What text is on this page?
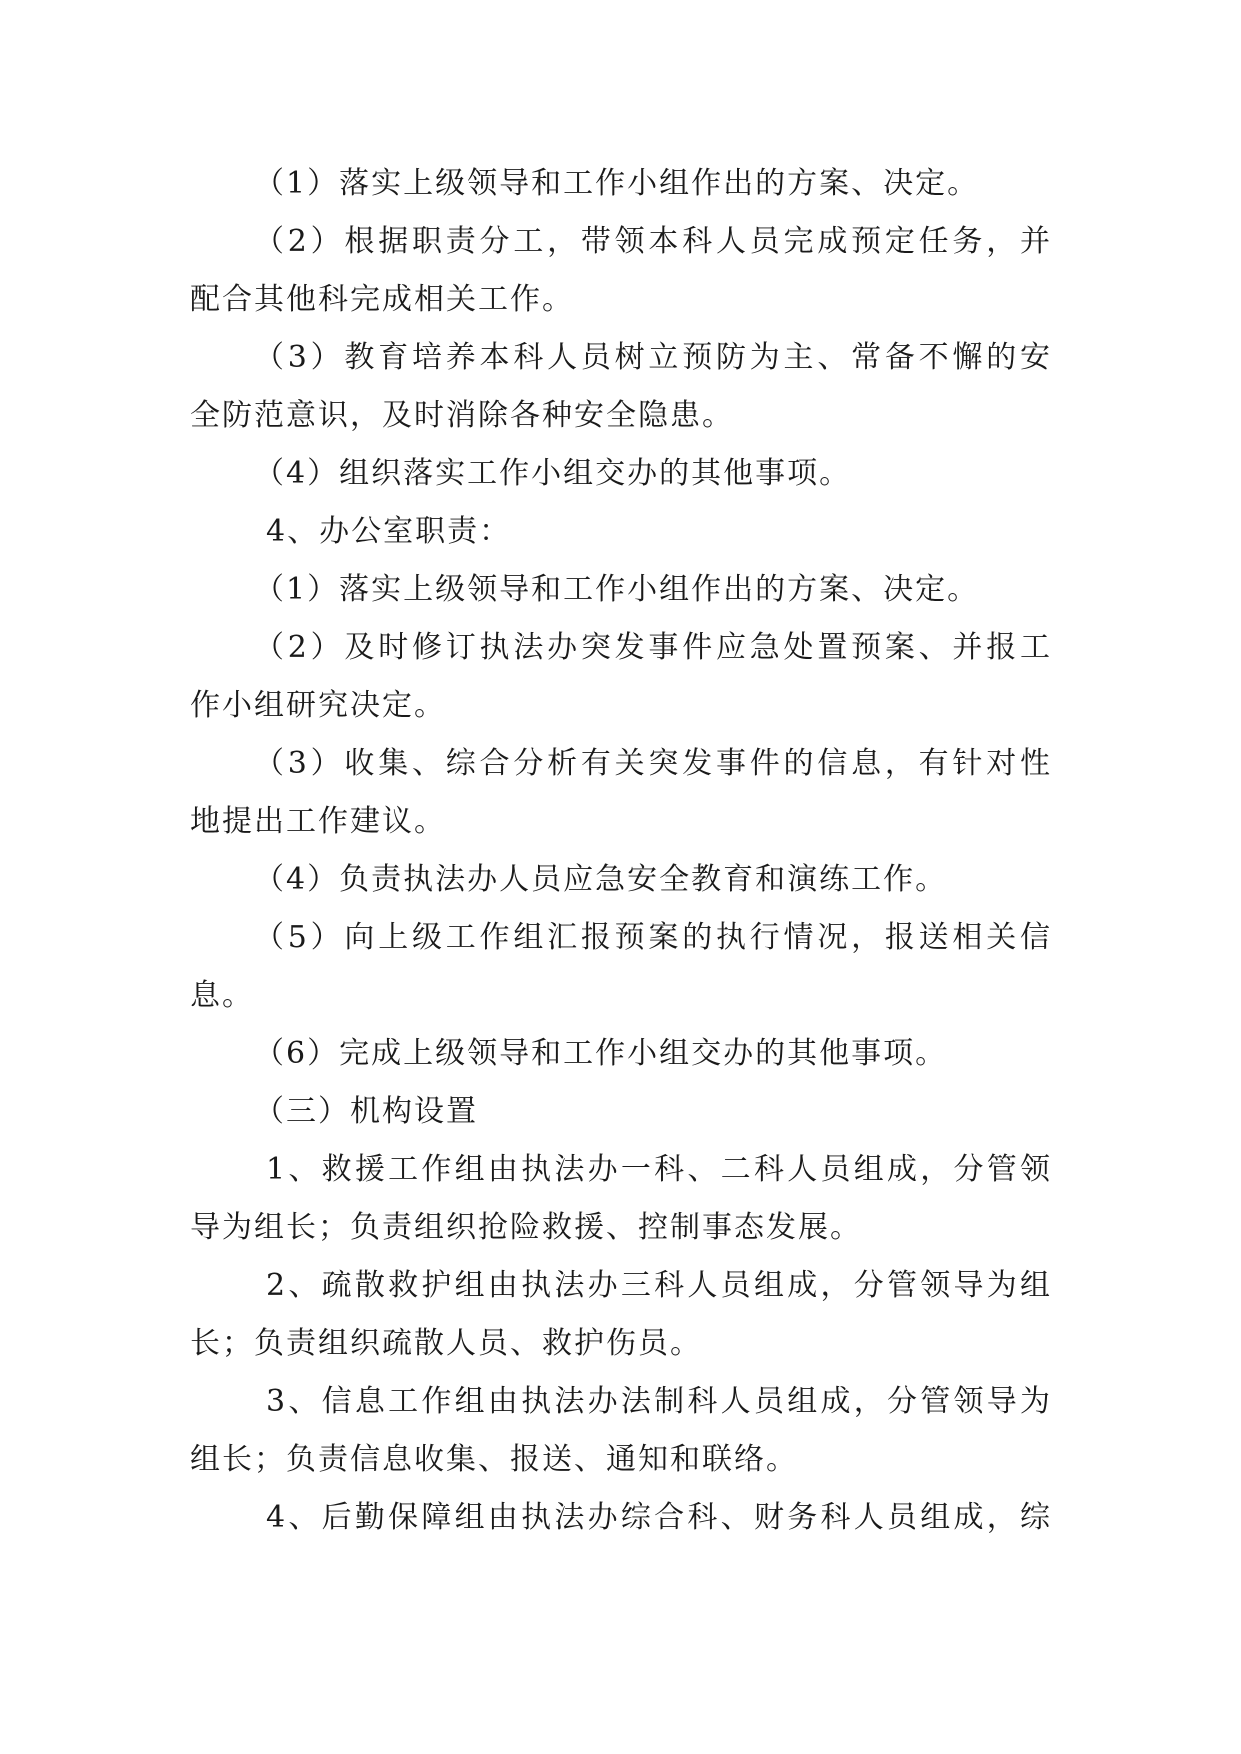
（1）落实上级领导和工作小组作出的方案、决定。
（2）根据职责分工，带领本科人员完成预定任务，并
配合其他科完成相关工作。
（3）教育培养本科人员树立预防为主、常备不懈的安
全防范意识，及时消除各种安全隐患。
（4）组织落实工作小组交办的其他事项。
4、办公室职责：
（1）落实上级领导和工作小组作出的方案、决定。
（2）及时修订执法办突发事件应急处置预案、并报工
作小组研究决定。
（3）收集、综合分析有关突发事件的信息，有针对性
地提出工作建议。
（4）负责执法办人员应急安全教育和演练工作。
（5）向上级工作组汇报预案的执行情况，报送相关信
息。
（6）完成上级领导和工作小组交办的其他事项。
（三）机构设置
1、救援工作组由执法办一科、二科人员组成，分管领
导为组长；负责组织抢险救援、控制事态发展。
2、疏散救护组由执法办三科人员组成，分管领导为组
长；负责组织疏散人员、救护伤员。
3、信息工作组由执法办法制科人员组成，分管领导为
组长；负责信息收集、报送、通知和联络。
4、后勤保障组由执法办综合科、财务科人员组成，综
